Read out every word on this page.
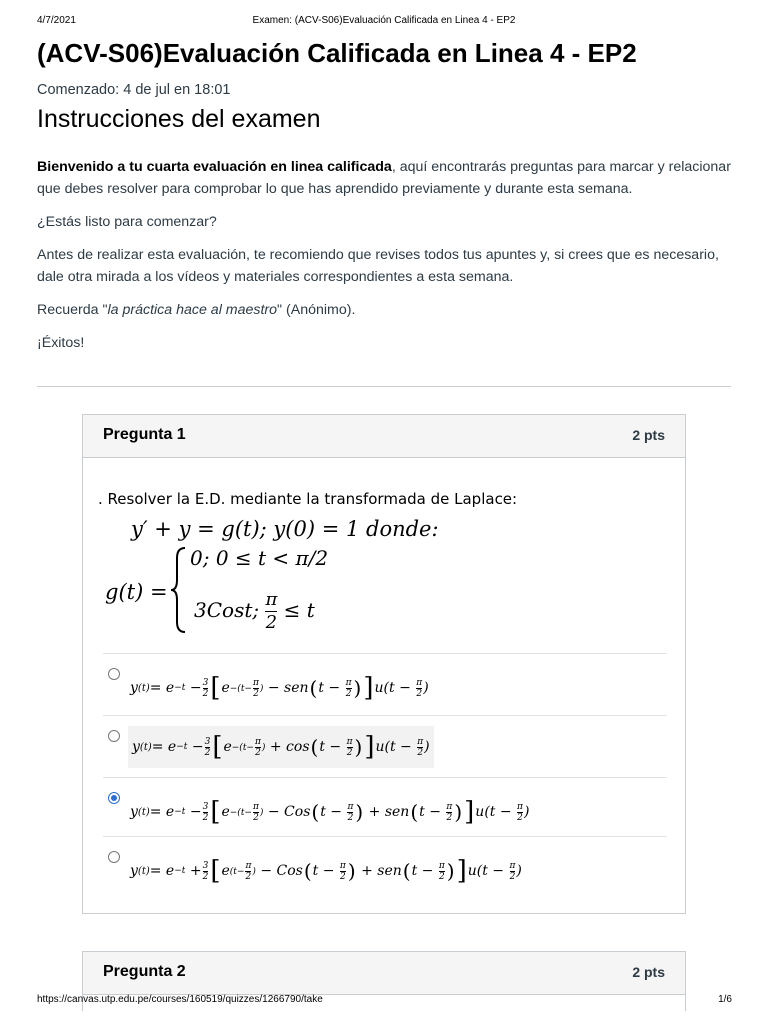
4/7/2021	Examen: (ACV-S06)Evaluación Calificada en Linea 4 - EP2
(ACV-S06)Evaluación Calificada en Linea 4 - EP2
Comenzado: 4 de jul en 18:01
Instrucciones del examen

Bienvenido a tu cuarta evaluación en linea calificada, aquí encontrarás preguntas para marcar y relacionar que debes resolver para comprobar lo que has aprendido previamente y durante esta semana.

¿Estás listo para comenzar?

Antes de realizar esta evaluación, te recomiendo que revises todos tus apuntes y, si crees que es necesario, dale otra mirada a los vídeos y materiales correspondientes a esta semana.

Recuerda "la práctica hace al maestro" (Anónimo).

¡Éxitos!

Pregunta 1	2 pts
. Resolver la E.D. mediante la transformada de Laplace:
y′ + y = g(t); y(0) = 1 donde:
g(t) =
0; 0 ≤ t < π/2
3Cost; $\frac{\pi}{2} \le t$
y (t) = e −t
− $\frac{3}{2}$ [ $e -(t- \frac{\pi}{2}$ )
− sen ( t −
$\frac{\pi}{2}$ ) ] u(t −
$\frac{\pi}{2}$ )
y (t) = e −t
− $\frac{3}{2}$ [ $e -(t- \frac{\pi}{2}$ )
+ cos ( t −
$\frac{\pi}{2}$ ) ] u(t −
$\frac{\pi}{2}$ )
y (t) = e −t
− $\frac{3}{2}$ [ $e -(t- \frac{\pi}{2}$ )
− Cos ( t −
$\frac{\pi}{2}$ )
+ sen ( t −
$\frac{\pi}{2}$ ) ] u(t −
$\frac{\pi}{2}$ )
y (t) = e −t
+ $\frac{3}{2}$ [ e ($t- \frac{\pi}{2}$ )
− Cos ( t −
$\frac{\pi}{2}$ )
+ sen ( t −
$\frac{\pi}{2}$ ) ] u(t −
$\frac{\pi}{2}$ )
Pregunta 2	2 pts
https://canvas.utp.edu.pe/courses/160519/quizzes/1266790/take	1/6
